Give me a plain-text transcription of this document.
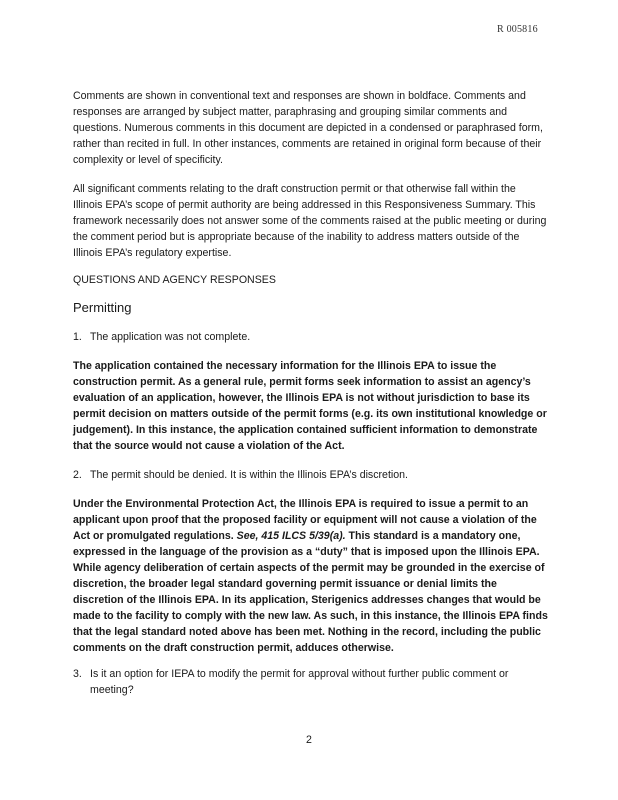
R 005816

Comments are shown in conventional text and responses are shown in boldface. Comments and responses are arranged by subject matter, paraphrasing and grouping similar comments and questions. Numerous comments in this document are depicted in a condensed or paraphrased form, rather than recited in full. In other instances, comments are retained in original form because of their complexity or level of specificity.

All significant comments relating to the draft construction permit or that otherwise fall within the Illinois EPA’s scope of permit authority are being addressed in this Responsiveness Summary. This framework necessarily does not answer some of the comments raised at the public meeting or during the comment period but is appropriate because of the inability to address matters outside of the Illinois EPA’s regulatory expertise.

QUESTIONS AND AGENCY RESPONSES

Permitting
1. The application was not complete.

The application contained the necessary information for the Illinois EPA to issue the construction permit. As a general rule, permit forms seek information to assist an agency’s evaluation of an application, however, the Illinois EPA is not without jurisdiction to base its permit decision on matters outside of the permit forms (e.g. its own institutional knowledge or judgement). In this instance, the application contained sufficient information to demonstrate that the source would not cause a violation of the Act.

2. The permit should be denied. It is within the Illinois EPA’s discretion.

Under the Environmental Protection Act, the Illinois EPA is required to issue a permit to an applicant upon proof that the proposed facility or equipment will not cause a violation of the Act or promulgated regulations. See, 415 ILCS 5/39(a). This standard is a mandatory one, expressed in the language of the provision as a “duty” that is imposed upon the Illinois EPA. While agency deliberation of certain aspects of the permit may be grounded in the exercise of discretion, the broader legal standard governing permit issuance or denial limits the discretion of the Illinois EPA. In its application, Sterigenics addresses changes that would be made to the facility to comply with the new law. As such, in this instance, the Illinois EPA finds that the legal standard noted above has been met. Nothing in the record, including the public comments on the draft construction permit, adduces otherwise.

3. Is it an option for IEPA to modify the permit for approval without further public comment or meeting?
2
